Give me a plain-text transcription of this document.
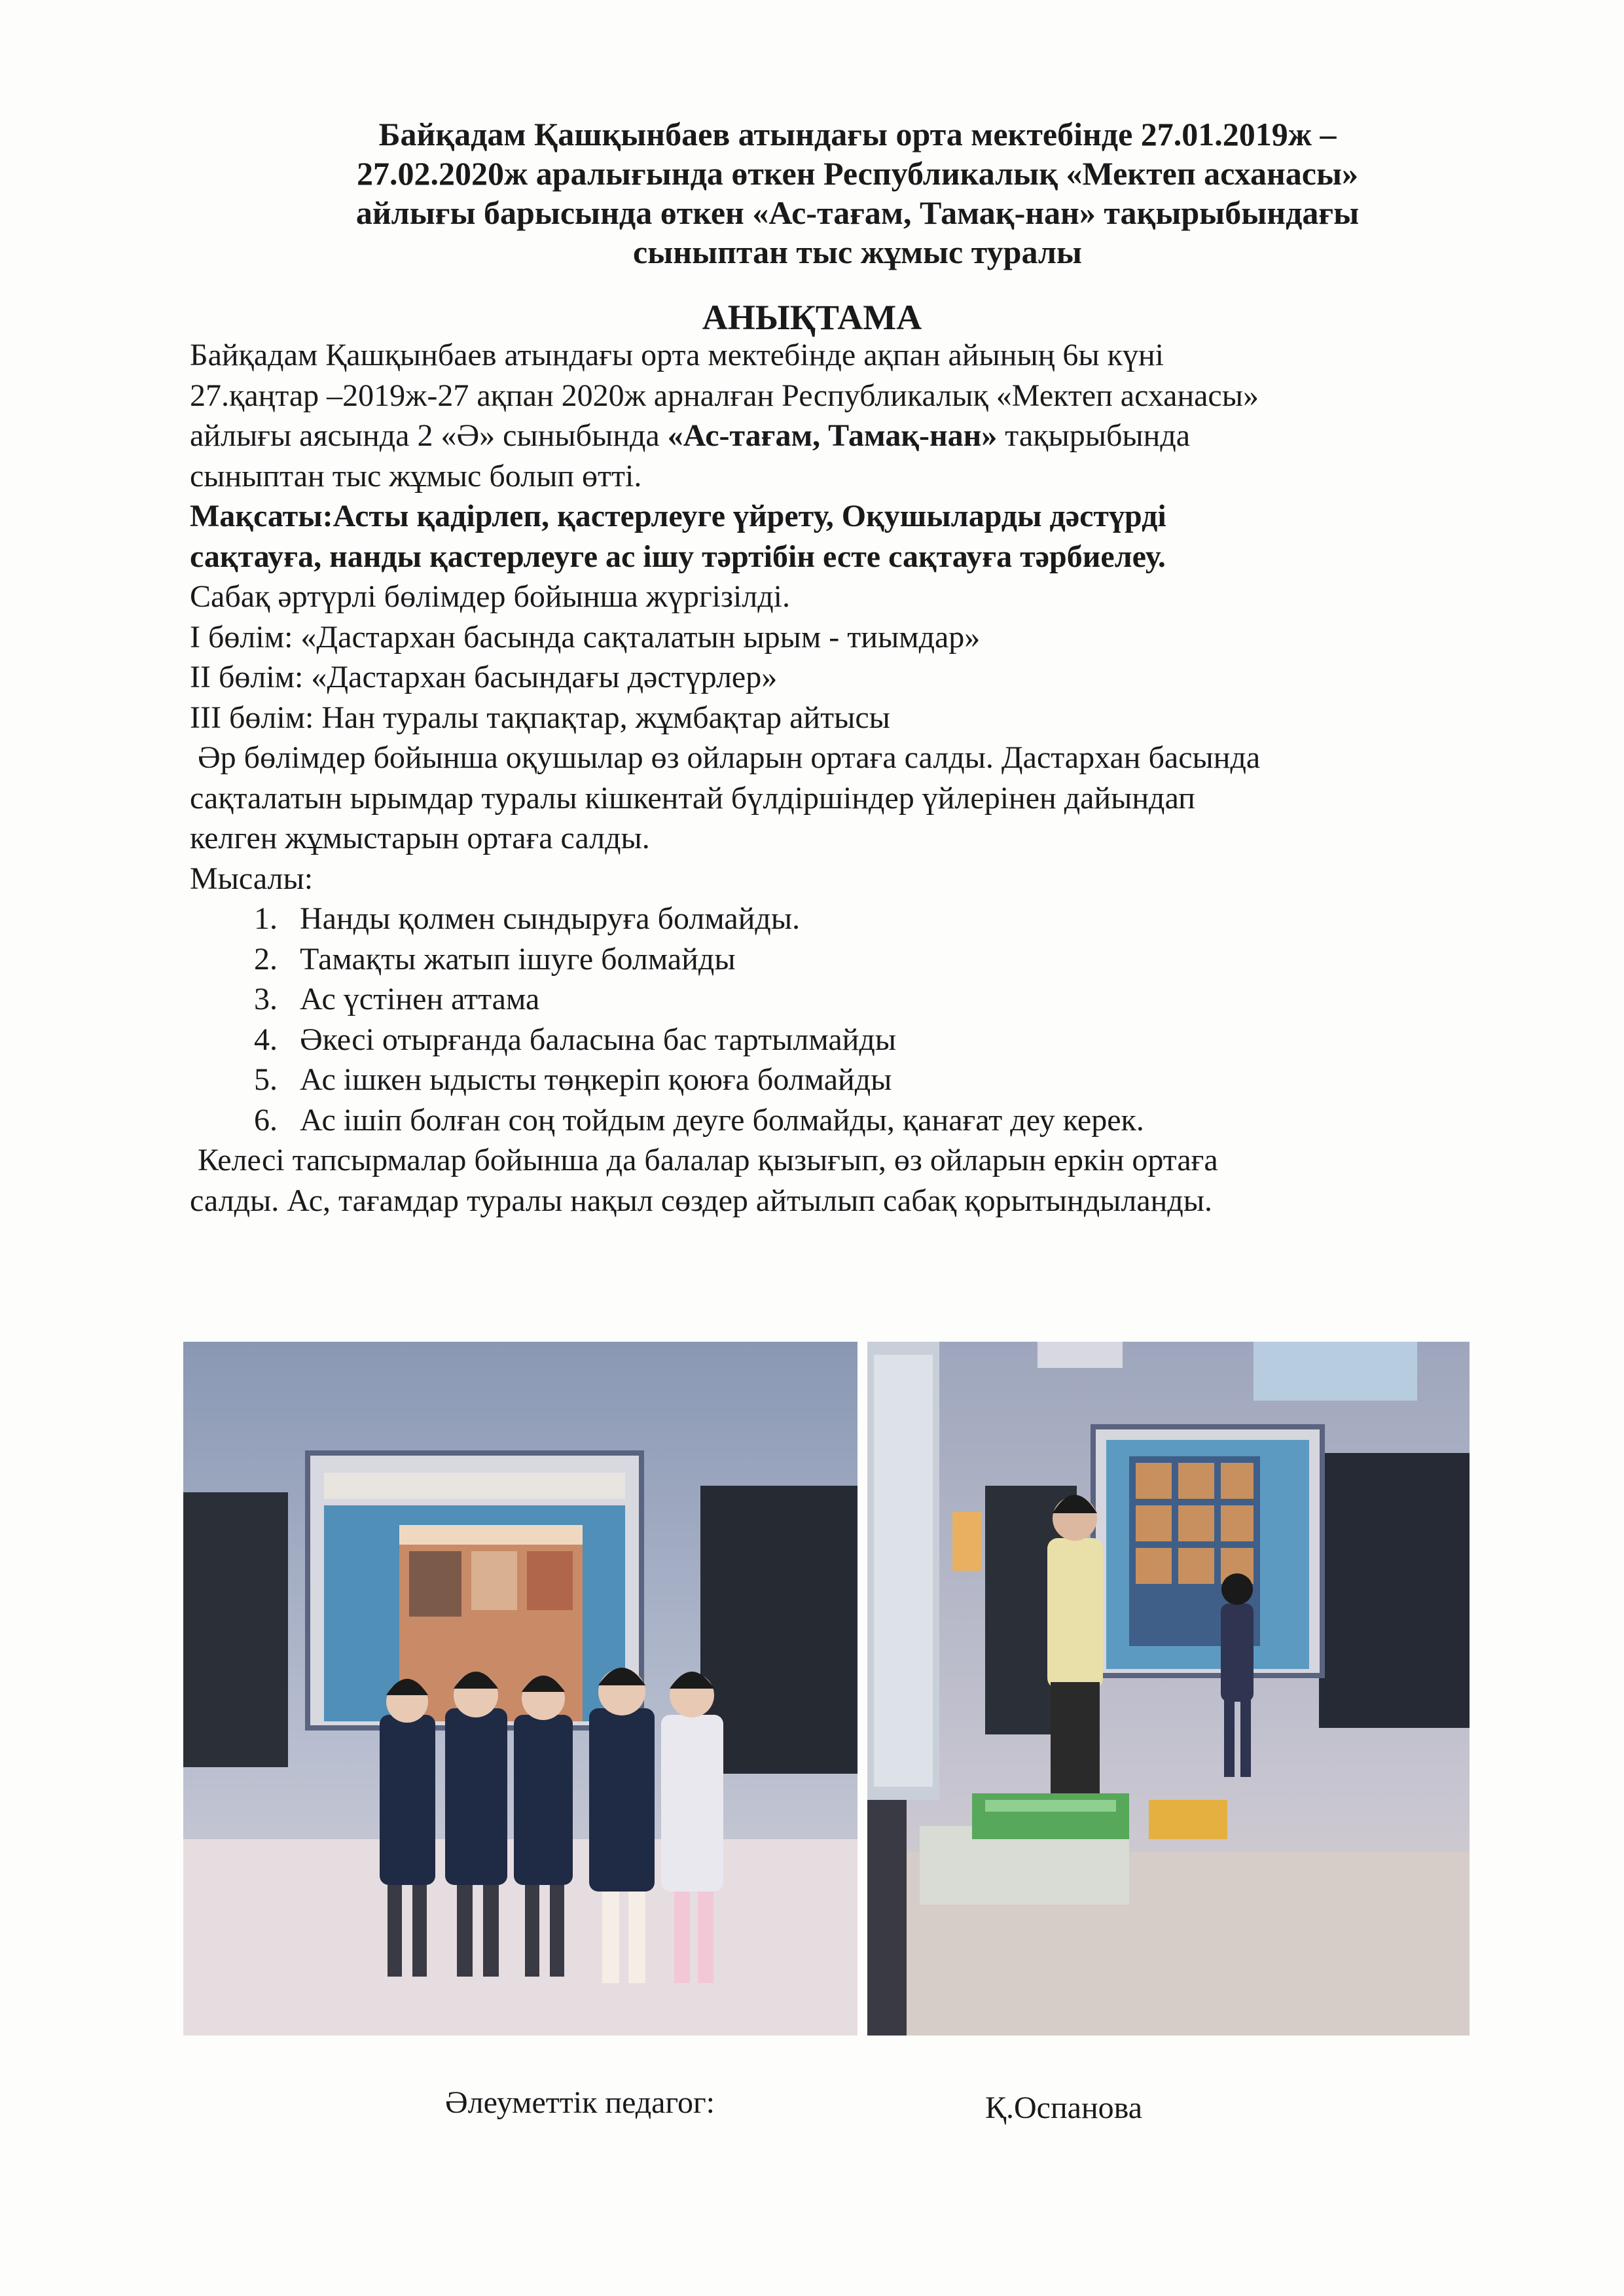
Байқадам Қашқынбаев атындағы орта мектебінде 27.01.2019ж –
27.02.2020ж аралығында өткен Республикалық «Мектеп асханасы»
айлығы барысында өткен «Ас-тағам, Тамақ-нан» тақырыбындағы
сыныптан тыс жұмыс туралы
АНЫҚТАМА

Байқадам Қашқынбаев атындағы орта мектебінде ақпан айының 6ы күні

27.қаңтар –2019ж-27 ақпан 2020ж арналған Республикалық «Мектеп асханасы»

айлығы аясында 2 «Ә» сыныбында «Ас-тағам, Тамақ-нан» тақырыбында

сыныптан тыс жұмыс болып өтті.

Мақсаты:Асты қадірлеп, қастерлеуге үйрету, Оқушыларды дәстүрді

сақтауға, нанды қастерлеуге ас ішу тәртібін есте сақтауға тәрбиелеу.

Сабақ әртүрлі бөлімдер бойынша жүргізілді.

І бөлім: «Дастархан басында сақталатын ырым - тиымдар»

ІІ бөлім: «Дастархан басындағы дәстүрлер»

ІІІ бөлім: Нан туралы тақпақтар, жұмбақтар айтысы

Әр бөлімдер бойынша оқушылар өз ойларын ортаға салды. Дастархан басында

сақталатын ырымдар туралы кішкентай бүлдіршіндер үйлерінен дайындап

келген жұмыстарын ортаға салды.

Мысалы:

1. Нанды қолмен сындыруға болмайды.
2. Тамақты жатып ішуге болмайды
3. Ас үстінен аттама
4. Әкесі отырғанда баласына бас тартылмайды
5. Ас ішкен ыдысты төңкеріп қоюға болмайды
6. Ас ішіп болған соң тойдым деуге болмайды, қанағат деу керек.

Келесі тапсырмалар бойынша да балалар қызығып, өз ойларын еркін ортаға

салды. Ас, тағамдар туралы нақыл сөздер айтылып сабақ қорытындыланды.

Әлеуметтік педагог:	Қ.Оспанова
